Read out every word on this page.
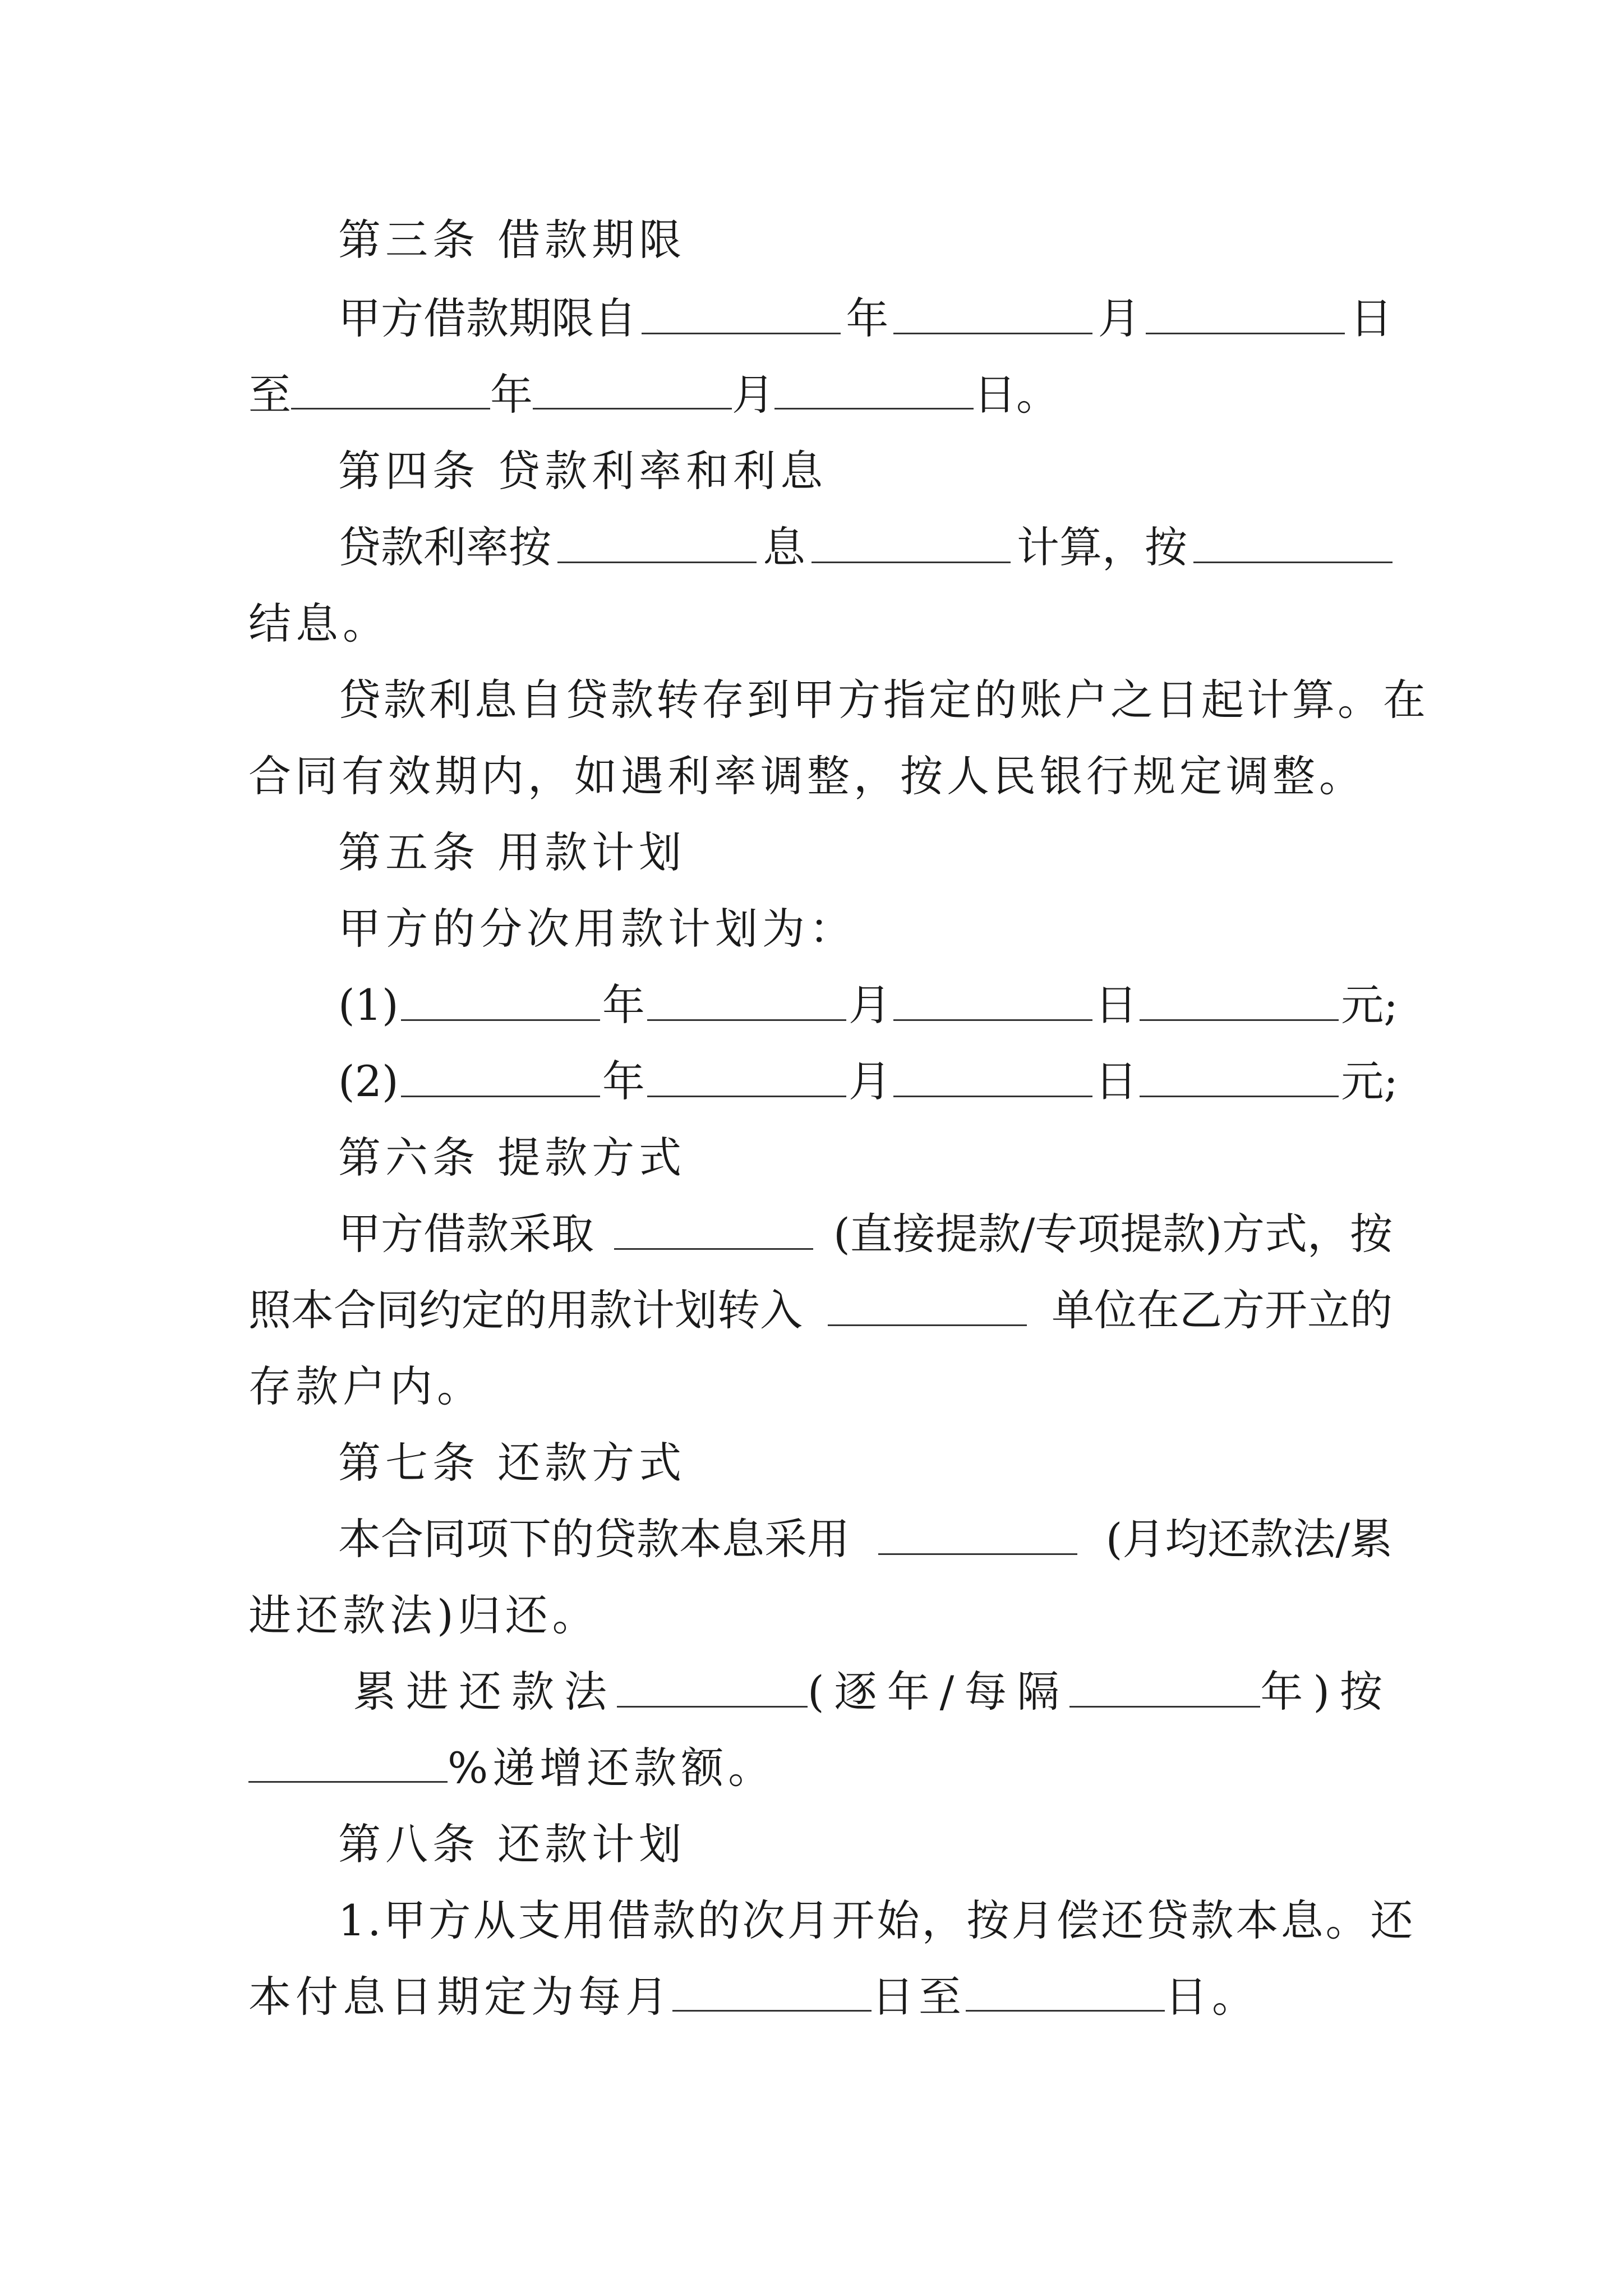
第三条 借款期限
甲方借款期限自	年	月	日
至	年	月	日。
第四条 贷款利率和利息
贷款利率按	息	计算，按
结息。
贷款利息自贷款转存到甲方指定的账户之日起计算。在
合同有效期内，如遇利率调整，按人民银行规定调整。
第五条 用款计划
甲方的分次用款计划为：
(1)	年	月	日	元;
(2)	年	月	日	元;
第六条 提款方式
甲方借款采取	(直接提款/专项提款)方式，按
照本合同约定的用款计划转入	单位在乙方开立的
存款户内。
第七条 还款方式
本合同项下的贷款本息采用	(月均还款法/累
进还款法)归还。
累进还款法	(逐年/每隔	年)按
%递增还款额。
第八条 还款计划
1.甲方从支用借款的次月开始，按月偿还贷款本息。还
本付息日期定为每月	日至	日。
